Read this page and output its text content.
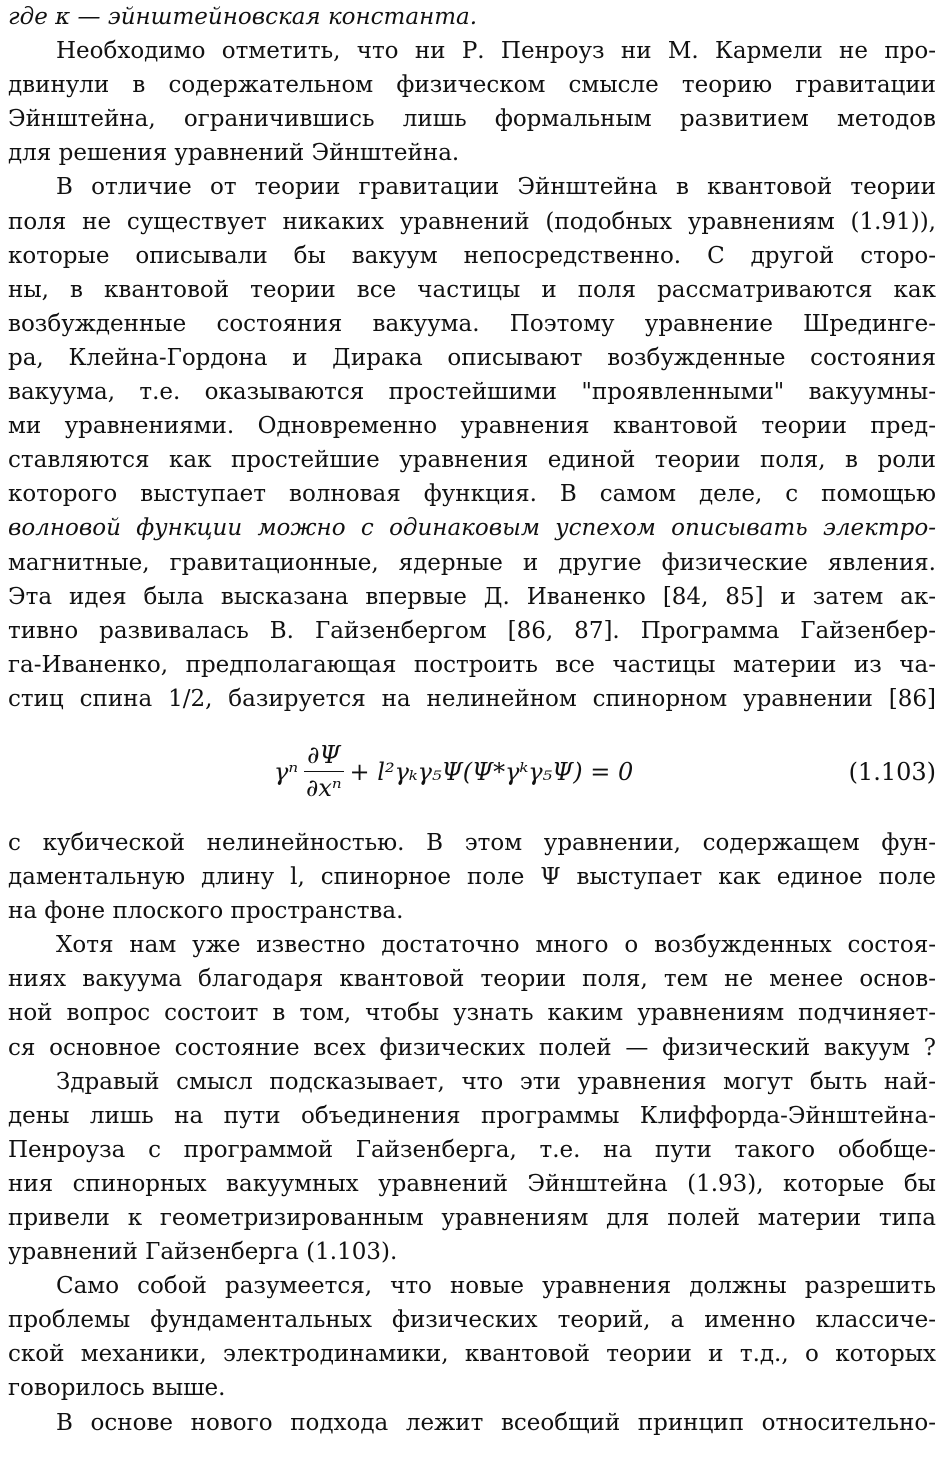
где κ — эйнштейновская константа.
Необходимо отметить, что ни Р. Пенроуз ни М. Кармели не про-
двинули в содержательном физическом смысле теорию гравитации
Эйнштейна, ограничившись лишь формальным развитием методов
для решения уравнений Эйнштейна.
В отличие от теории гравитации Эйнштейна в квантовой теории
поля не существует никаких уравнений (подобных уравнениям (1.91)),
которые описывали бы вакуум непосредственно. С другой сторо-
ны, в квантовой теории все частицы и поля рассматриваются как
возбужденные состояния вакуума. Поэтому уравнение Шрединге-
ра, Клейна-Гордона и Дирака описывают возбужденные состояния
вакуума, т.е. оказываются простейшими "проявленными" вакуумны-
ми уравнениями. Одновременно уравнения квантовой теории пред-
ставляются как простейшие уравнения единой теории поля, в роли
которого выступает волновая функция. В самом деле, с помощью
волновой функции можно с одинаковым успехом описывать электро-
магнитные, гравитационные, ядерные и другие физические явления.
Эта идея была высказана впервые Д. Иваненко [84, 85] и затем ак-
тивно развивалась В. Гайзенбергом [86, 87]. Программа Гайзенбер-
га-Иваненко, предполагающая построить все частицы материи из ча-
стиц спина 1/2, базируется на нелинейном спинорном уравнении [86]
γⁿ $\frac{\partial\Psi}{\text{∂xⁿ}}$ + l²γₖγ₅Ψ(Ψ*γᵏγ₅Ψ) = 0	(1.103)
с кубической нелинейностью. В этом уравнении, содержащем фун-
даментальную длину l, спинорное поле Ψ выступает как единое поле
на фоне плоского пространства.
Хотя нам уже известно достаточно много о возбужденных состоя-
ниях вакуума благодаря квантовой теории поля, тем не менее основ-
ной вопрос состоит в том, чтобы узнать каким уравнениям подчиняет-
ся основное состояние всех физических полей — физический вакуум ?
Здравый смысл подсказывает, что эти уравнения могут быть най-
дены лишь на пути объединения программы Клиффорда-Эйнштейна-
Пенроуза с программой Гайзенберга, т.е. на пути такого обобще-
ния спинорных вакуумных уравнений Эйнштейна (1.93), которые бы
привели к геометризированным уравнениям для полей материи типа
уравнений Гайзенберга (1.103).
Само собой разумеется, что новые уравнения должны разрешить
проблемы фундаментальных физических теорий, а именно классиче-
ской механики, электродинамики, квантовой теории и т.д., о которых
говорилось выше.
В основе нового подхода лежит всеобщий принцип относительно-
